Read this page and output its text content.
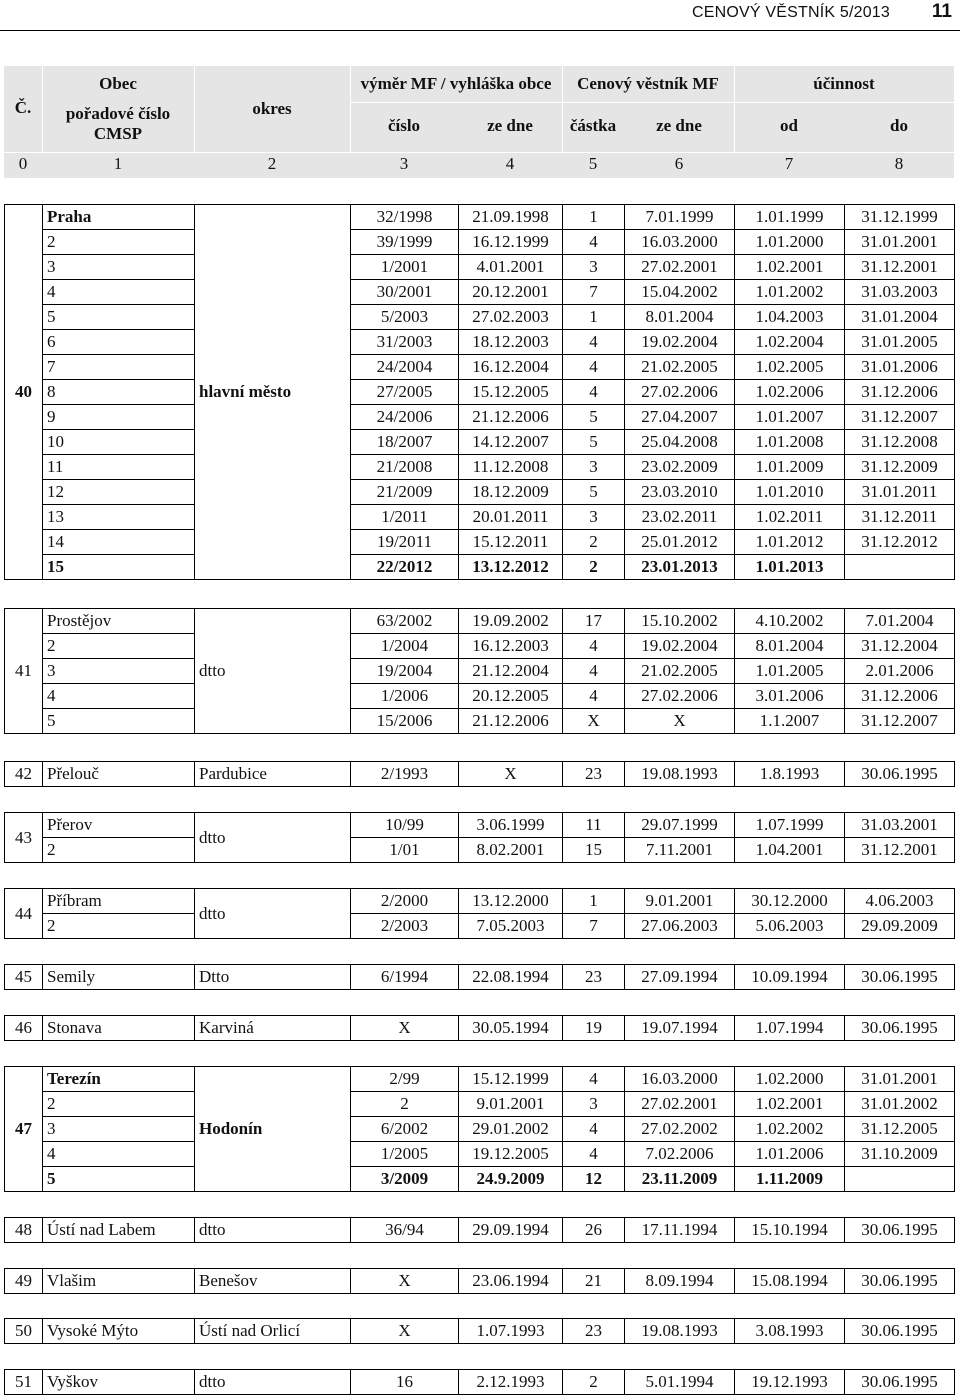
CENOVÝ VĚSTNÍK 5/2013 11
Č.
Obec
pořadové číslo
CMSP
okres
výměr MF / vyhláška obce	Cenový věstník MF	účinnost
číslo	ze dne	částka	ze dne	od	do
0	1	2	3	4	5	6	7	8
40	Praha	hlavní město	32/1998	21.09.1998	1	7.01.1999	1.01.1999	31.12.1999
	2		39/1999	16.12.1999	4	16.03.2000	1.01.2000	31.01.2001
	3		1/2001	4.01.2001	3	27.02.2001	1.02.2001	31.12.2001
	4		30/2001	20.12.2001	7	15.04.2002	1.01.2002	31.03.2003
	5		5/2003	27.02.2003	1	8.01.2004	1.04.2003	31.01.2004
	6		31/2003	18.12.2003	4	19.02.2004	1.02.2004	31.01.2005
	7		24/2004	16.12.2004	4	21.02.2005	1.02.2005	31.01.2006
	8		27/2005	15.12.2005	4	27.02.2006	1.02.2006	31.12.2006
	9		24/2006	21.12.2006	5	27.04.2007	1.01.2007	31.12.2007
	10		18/2007	14.12.2007	5	25.04.2008	1.01.2008	31.12.2008
	11		21/2008	11.12.2008	3	23.02.2009	1.01.2009	31.12.2009
	12		21/2009	18.12.2009	5	23.03.2010	1.01.2010	31.01.2011
	13		1/2011	20.01.2011	3	23.02.2011	1.02.2011	31.12.2011
	14		19/2011	15.12.2011	2	25.01.2012	1.01.2012	31.12.2012
	15		22/2012	13.12.2012	2	23.01.2013	1.01.2013	
41	Prostějov	dtto	63/2002	19.09.2002	17	15.10.2002	4.10.2002	7.01.2004
	2		1/2004	16.12.2003	4	19.02.2004	8.01.2004	31.12.2004
	3		19/2004	21.12.2004	4	21.02.2005	1.01.2005	2.01.2006
	4		1/2006	20.12.2005	4	27.02.2006	3.01.2006	31.12.2006
	5		15/2006	21.12.2006	X	X	1.1.2007	31.12.2007
42	Přelouč	Pardubice	2/1993	X	23	19.08.1993	1.8.1993	30.06.1995
43	Přerov	dtto	10/99	3.06.1999	11	29.07.1999	1.07.1999	31.03.2001
	2		1/01	8.02.2001	15	7.11.2001	1.04.2001	31.12.2001
44	Příbram	dtto	2/2000	13.12.2000	1	9.01.2001	30.12.2000	4.06.2003
	2		2/2003	7.05.2003	7	27.06.2003	5.06.2003	29.09.2009
45	Semily	Dtto	6/1994	22.08.1994	23	27.09.1994	10.09.1994	30.06.1995
46	Stonava	Karviná	X	30.05.1994	19	19.07.1994	1.07.1994	30.06.1995
47	Terezín	Hodonín	2/99	15.12.1999	4	16.03.2000	1.02.2000	31.01.2001
	2		2	9.01.2001	3	27.02.2001	1.02.2001	31.01.2002
	3		6/2002	29.01.2002	4	27.02.2002	1.02.2002	31.12.2005
	4		1/2005	19.12.2005	4	7.02.2006	1.01.2006	31.10.2009
	5		3/2009	24.9.2009	12	23.11.2009	1.11.2009	
48	Ústí nad Labem	dtto	36/94	29.09.1994	26	17.11.1994	15.10.1994	30.06.1995
49	Vlašim	Benešov	X	23.06.1994	21	8.09.1994	15.08.1994	30.06.1995
50	Vysoké Mýto	Ústí nad Orlicí	X	1.07.1993	23	19.08.1993	3.08.1993	30.06.1995
51	Vyškov	dtto	16	2.12.1993	2	5.01.1994	19.12.1993	30.06.1995
